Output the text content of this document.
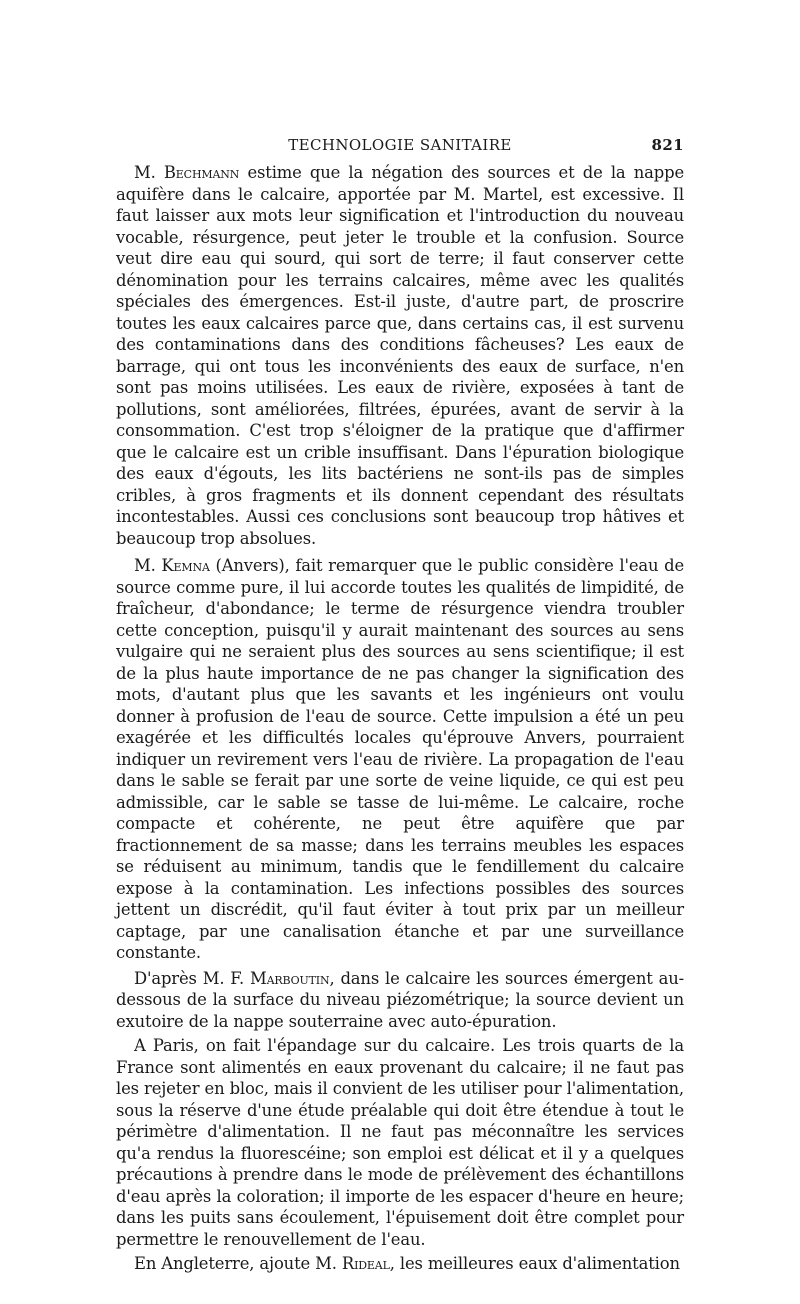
TECHNOLOGIE SANITAIRE	821

M. Bechmann estime que la négation des sources et de la nappe aquifère dans le calcaire, apportée par M. Martel, est excessive. Il faut laisser aux mots leur signification et l'introduction du nouveau vocable, résurgence, peut jeter le trouble et la confusion. Source veut dire eau qui sourd, qui sort de terre; il faut conserver cette dénomination pour les terrains calcaires, même avec les qualités spéciales des émergences. Est-il juste, d'autre part, de proscrire toutes les eaux calcaires parce que, dans certains cas, il est survenu des contaminations dans des conditions fâcheuses? Les eaux de barrage, qui ont tous les inconvénients des eaux de surface, n'en sont pas moins utilisées. Les eaux de rivière, exposées à tant de pollutions, sont améliorées, filtrées, épurées, avant de servir à la consommation. C'est trop s'éloigner de la pratique que d'affirmer que le calcaire est un crible insuffisant. Dans l'épuration biologique des eaux d'égouts, les lits bactériens ne sont-ils pas de simples cribles, à gros fragments et ils donnent cependant des résultats incontestables. Aussi ces conclusions sont beaucoup trop hâtives et beaucoup trop absolues.

M. Kemna (Anvers), fait remarquer que le public considère l'eau de source comme pure, il lui accorde toutes les qualités de limpidité, de fraîcheur, d'abondance; le terme de résurgence viendra troubler cette conception, puisqu'il y aurait maintenant des sources au sens vulgaire qui ne seraient plus des sources au sens scientifique; il est de la plus haute importance de ne pas changer la signification des mots, d'autant plus que les savants et les ingénieurs ont voulu donner à profusion de l'eau de source. Cette impulsion a été un peu exagérée et les difficultés locales qu'éprouve Anvers, pourraient indiquer un revirement vers l'eau de rivière. La propagation de l'eau dans le sable se ferait par une sorte de veine liquide, ce qui est peu admissible, car le sable se tasse de lui-même. Le calcaire, roche compacte et cohérente, ne peut être aquifère que par fractionnement de sa masse; dans les terrains meubles les espaces se réduisent au minimum, tandis que le fendillement du calcaire expose à la contamination. Les infections possibles des sources jettent un discrédit, qu'il faut éviter à tout prix par un meilleur captage, par une canalisation étanche et par une surveillance constante.

D'après M. F. Marboutin, dans le calcaire les sources émergent au-dessous de la surface du niveau piézométrique; la source devient un exutoire de la nappe souterraine avec auto-épuration.

A Paris, on fait l'épandage sur du calcaire. Les trois quarts de la France sont alimentés en eaux provenant du calcaire; il ne faut pas les rejeter en bloc, mais il convient de les utiliser pour l'alimentation, sous la réserve d'une étude préalable qui doit être étendue à tout le périmètre d'alimentation. Il ne faut pas méconnaître les services qu'a rendus la fluorescéine; son emploi est délicat et il y a quelques précautions à prendre dans le mode de prélèvement des échantillons d'eau après la coloration; il importe de les espacer d'heure en heure; dans les puits sans écoulement, l'épuisement doit être complet pour permettre le renouvellement de l'eau.

En Angleterre, ajoute M. Rideal, les meilleures eaux d'alimentation
